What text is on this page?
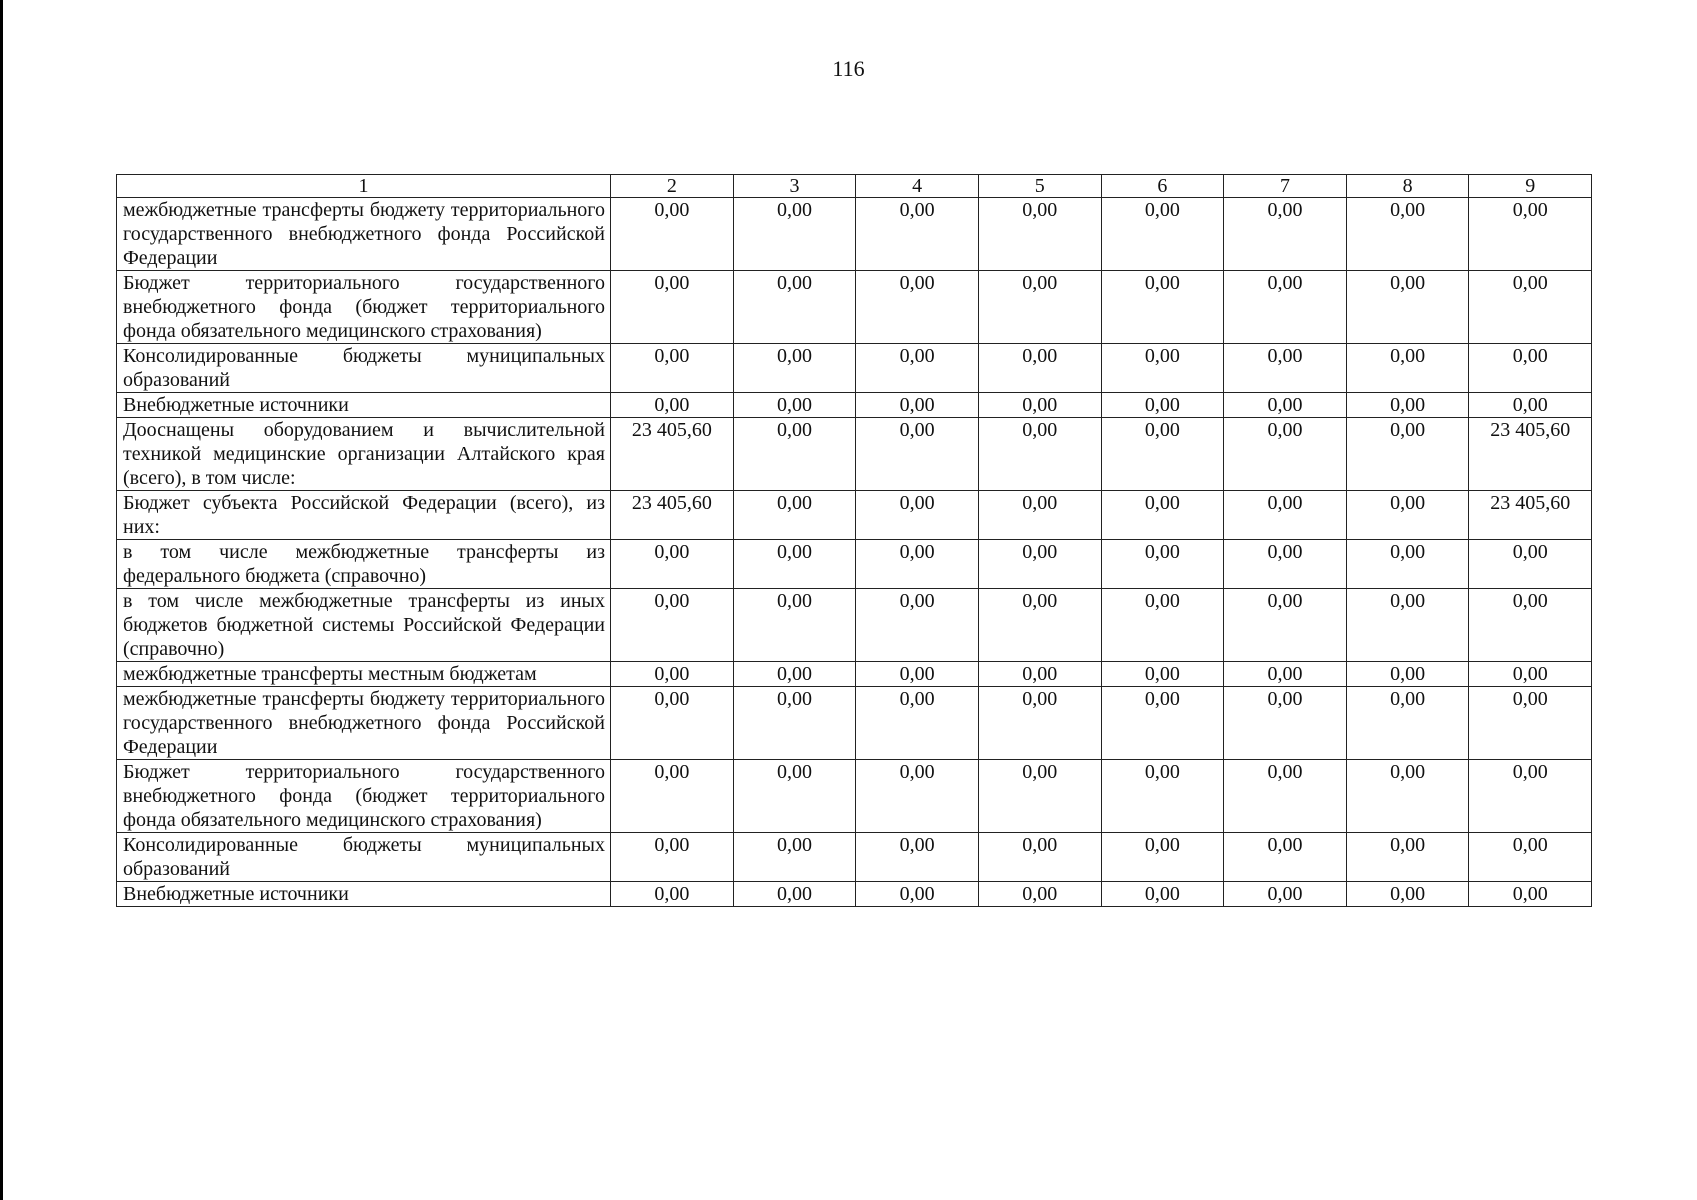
116
1	2	3	4	5	6	7	8	9
межбюджетные трансферты бюджету территориального государственного внебюджетного фонда Российской Федерации	0,00	0,00	0,00	0,00	0,00	0,00	0,00	0,00
Бюджет территориального государственного внебюджетного фонда (бюджет территориального фонда обязательного медицинского страхования)	0,00	0,00	0,00	0,00	0,00	0,00	0,00	0,00
Консолидированные бюджеты муниципальных образований	0,00	0,00	0,00	0,00	0,00	0,00	0,00	0,00
Внебюджетные источники	0,00	0,00	0,00	0,00	0,00	0,00	0,00	0,00
Дооснащены оборудованием и вычислительной техникой медицинские организации Алтайского края (всего), в том числе:	23 405,60	0,00	0,00	0,00	0,00	0,00	0,00	23 405,60
Бюджет субъекта Российской Федерации (всего), из них:	23 405,60	0,00	0,00	0,00	0,00	0,00	0,00	23 405,60
в том числе межбюджетные трансферты из федерального бюджета (справочно)	0,00	0,00	0,00	0,00	0,00	0,00	0,00	0,00
в том числе межбюджетные трансферты из иных бюджетов бюджетной системы Российской Федерации (справочно)	0,00	0,00	0,00	0,00	0,00	0,00	0,00	0,00
межбюджетные трансферты местным бюджетам	0,00	0,00	0,00	0,00	0,00	0,00	0,00	0,00
межбюджетные трансферты бюджету территориального государственного внебюджетного фонда Российской Федерации	0,00	0,00	0,00	0,00	0,00	0,00	0,00	0,00
Бюджет территориального государственного внебюджетного фонда (бюджет территориального фонда обязательного медицинского страхования)	0,00	0,00	0,00	0,00	0,00	0,00	0,00	0,00
Консолидированные бюджеты муниципальных образований	0,00	0,00	0,00	0,00	0,00	0,00	0,00	0,00
Внебюджетные источники	0,00	0,00	0,00	0,00	0,00	0,00	0,00	0,00
